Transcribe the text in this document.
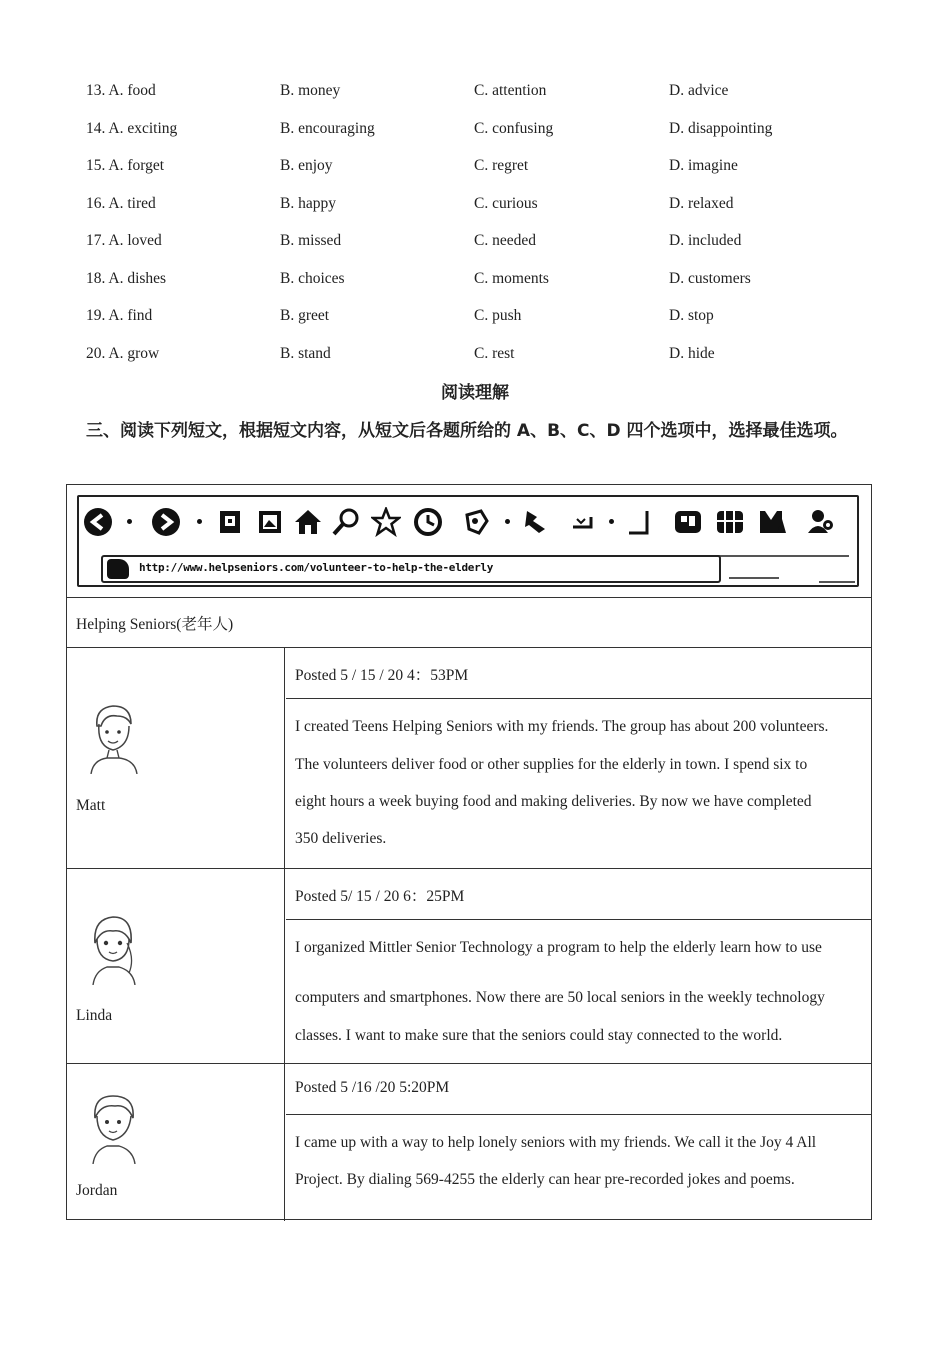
13. A. food	B. money	C. attention	D. advice
14. A. exciting	B. encouraging	C. confusing	D. disappointing
15. A. forget	B. enjoy	C. regret	D. imagine
16. A. tired	B. happy	C. curious	D. relaxed
17. A. loved	B. missed	C. needed	D. included
18. A. dishes	B. choices	C. moments	D. customers
19. A. find	B. greet	C. push	D. stop
20. A. grow	B. stand	C. rest	D. hide
阅读理解
三、阅读下列短文，根据短文内容，从短文后各题所给的 A、B、C、D 四个选项中，选择最佳选项。
http://www.helpseniors.com/volunteer-to-help-the-elderly
Helping Seniors(老年人)
Matt
Posted 5 / 15 / 20 4：53PM
I created Teens Helping Seniors with my friends. The group has about 200 volunteers.
The volunteers deliver food or other supplies for the elderly in town. I spend six to
eight hours a week buying food and making deliveries. By now we have completed
350 deliveries.
Linda
Posted 5/ 15 / 20 6：25PM
I organized Mittler Senior Technology a program to help the elderly learn how to use
computers and smartphones. Now there are 50 local seniors in the weekly technology
classes. I want to make sure that the seniors could stay connected to the world.
Jordan
Posted 5 /16 /20 5:20PM
I came up with a way to help lonely seniors with my friends. We call it the Joy 4 All
Project. By dialing 569-4255 the elderly can hear pre-recorded jokes and poems.
